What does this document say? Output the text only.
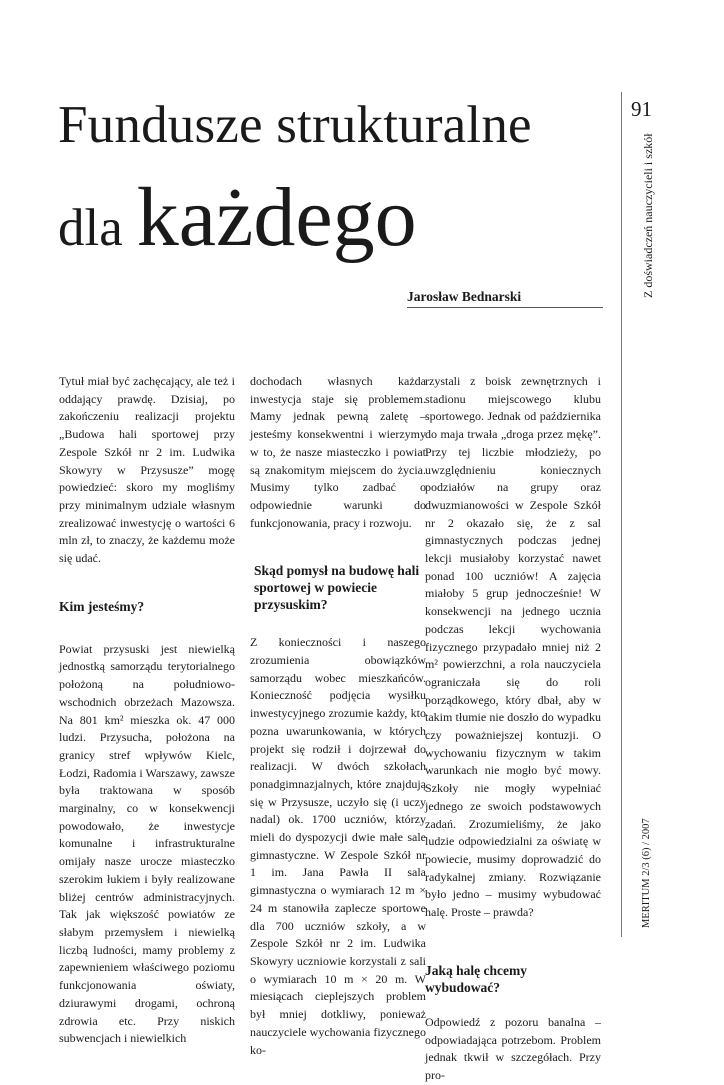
Fundusze strukturalne
dla każdego
Jarosław Bednarski
91
Z doświadczeń nauczycieli i szkół
MERITUM 2/3 (6) / 2007

Tytuł miał być zachęcający, ale też i oddający prawdę. Dzisiaj, po zakończeniu realizacji projektu „Budowa hali sportowej przy Zespole Szkół nr 2 im. Ludwika Skowyry w Przysusze” mogę powiedzieć: skoro my mogliśmy przy minimalnym udziale własnym zrealizować inwestycję o wartości 6 mln zł, to znaczy, że każdemu może się udać.

Kim jesteśmy?

Powiat przysuski jest niewielką jednostką samorządu terytorialnego położoną na południowo-wschodnich obrzeżach Mazowsza. Na 801 km² mieszka ok. 47 000 ludzi. Przysucha, położona na granicy stref wpływów Kielc, Łodzi, Radomia i Warszawy, zawsze była traktowana w sposób marginalny, co w konsekwencji powodowało, że inwestycje komunalne i infrastrukturalne omijały nasze urocze miasteczko szerokim łukiem i były realizowane bliżej centrów administracyjnych. Tak jak większość powiatów ze słabym przemysłem i niewielką liczbą ludności, mamy problemy z zapewnieniem właściwego poziomu funkcjonowania oświaty, dziurawymi drogami, ochroną zdrowia etc. Przy niskich subwencjach i niewielkich

dochodach własnych każda inwestycja staje się problemem. Mamy jednak pewną zaletę – jesteśmy konsekwentni i wierzymy w to, że nasze miasteczko i powiat są znakomitym miejscem do życia. Musimy tylko zadbać o odpowiednie warunki do funkcjonowania, pracy i rozwoju.

Skąd pomysł na budowę hali sportowej w powiecie przysuskim?

Z konieczności i naszego zrozumienia obowiązków samorządu wobec mieszkańców. Konieczność podjęcia wysiłku inwestycyjnego zrozumie każdy, kto pozna uwarunkowania, w których projekt się rodził i dojrzewał do realizacji. W dwóch szkołach ponadgimnazjalnych, które znajdują się w Przysusze, uczyło się (i uczy nadal) ok. 1700 uczniów, którzy mieli do dyspozycji dwie małe sale gimnastyczne. W Zespole Szkół nr 1 im. Jana Pawła II sala gimnastyczna o wymiarach 12 m × 24 m stanowiła zaplecze sportowe dla 700 uczniów szkoły, a w Zespole Szkół nr 2 im. Ludwika Skowyry uczniowie korzystali z sali o wymiarach 10 m × 20 m. W miesiącach cieplejszych problem był mniej dotkliwy, ponieważ nauczyciele wychowania fizycznego ko-

rzystali z boisk zewnętrznych i stadionu miejscowego klubu sportowego. Jednak od października do maja trwała „droga przez mękę”. Przy tej liczbie młodzieży, po uwzględnieniu koniecznych podziałów na grupy oraz dwuzmianowości w Zespole Szkół nr 2 okazało się, że z sal gimnastycznych podczas jednej lekcji musiałoby korzystać nawet ponad 100 uczniów! A zajęcia miałoby 5 grup jednocześnie! W konsekwencji na jednego ucznia podczas lekcji wychowania fizycznego przypadało mniej niż 2 m² powierzchni, a rola nauczyciela ograniczała się do roli porządkowego, który dbał, aby w takim tłumie nie doszło do wypadku czy poważniejszej kontuzji. O wychowaniu fizycznym w takim warunkach nie mogło być mowy. Szkoły nie mogły wypełniać jednego ze swoich podstawowych zadań. Zrozumieliśmy, że jako ludzie odpowiedzialni za oświatę w powiecie, musimy doprowadzić do radykalnej zmiany. Rozwiązanie było jedno – musimy wybudować halę. Proste – prawda?

Jaką halę chcemy wybudować?

Odpowiedź z pozoru banalna – odpowiadająca potrzebom. Problem jednak tkwił w szczegółach. Przy pro-
